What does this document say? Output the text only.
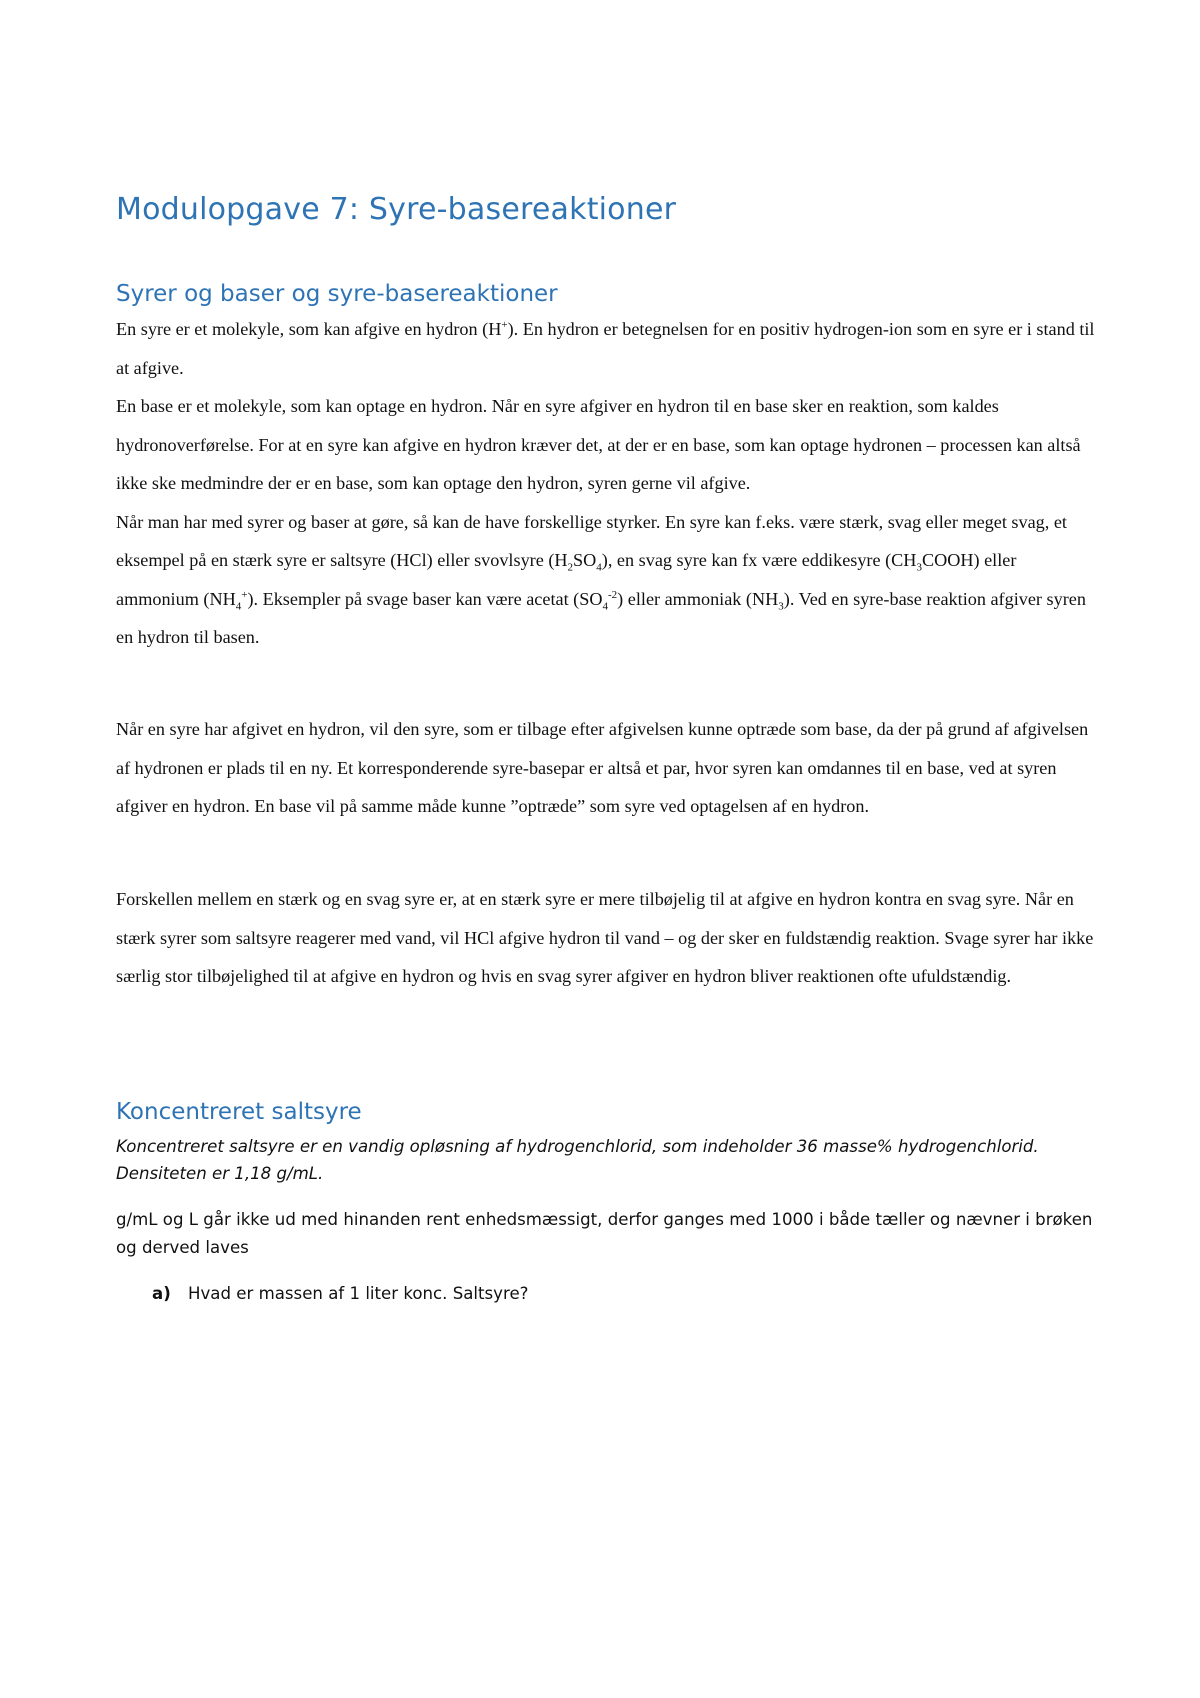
Modulopgave 7: Syre-basereaktioner
Syrer og baser og syre-basereaktioner

En syre er et molekyle, som kan afgive en hydron (H+). En hydron er betegnelsen for en positiv hydrogen-ion som en syre er i stand til at afgive.

En base er et molekyle, som kan optage en hydron. Når en syre afgiver en hydron til en base sker en reaktion, som kaldes hydronoverførelse. For at en syre kan afgive en hydron kræver det, at der er en base, som kan optage hydronen – processen kan altså ikke ske medmindre der er en base, som kan optage den hydron, syren gerne vil afgive.

Når man har med syrer og baser at gøre, så kan de have forskellige styrker. En syre kan f.eks. være stærk, svag eller meget svag, et eksempel på en stærk syre er saltsyre (HCl) eller svovlsyre $(H_2SO_4)$, en svag syre kan fx være eddikesyre $(CH_3COOH)$ eller ammonium $(NH_4^+)$. Eksempler på svage baser kan være acetat $(SO_4^{-2})$ eller ammoniak $(NH_3)$. Ved en syre-base reaktion afgiver syren en hydron til basen.

Når en syre har afgivet en hydron, vil den syre, som er tilbage efter afgivelsen kunne optræde som base, da der på grund af afgivelsen af hydronen er plads til en ny. Et korresponderende syre-basepar er altså et par, hvor syren kan omdannes til en base, ved at syren afgiver en hydron. En base vil på samme måde kunne ”optræde” som syre ved optagelsen af en hydron.

Forskellen mellem en stærk og en svag syre er, at en stærk syre er mere tilbøjelig til at afgive en hydron kontra en svag syre. Når en stærk syrer som saltsyre reagerer med vand, vil HCl afgive hydron til vand – og der sker en fuldstændig reaktion. Svage syrer har ikke særlig stor tilbøjelighed til at afgive en hydron og hvis en svag syrer afgiver en hydron bliver reaktionen ofte ufuldstændig.

Koncentreret saltsyre
Koncentreret saltsyre er en vandig opløsning af hydrogenchlorid, som indeholder 36 masse% hydrogenchlorid. Densiteten er 1,18 g/mL.
g/mL og L går ikke ud med hinanden rent enhedsmæssigt, derfor ganges med 1000 i både tæller og nævner i brøken og derved laves
a) Hvad er massen af 1 liter konc. Saltsyre?
